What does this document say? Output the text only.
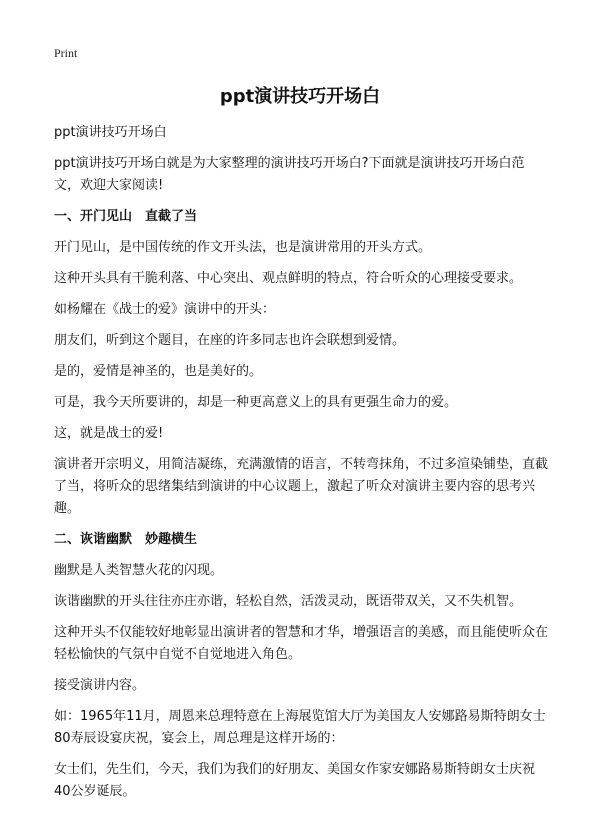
Print
ppt演讲技巧开场白

ppt演讲技巧开场白

ppt演讲技巧开场白就是为大家整理的演讲技巧开场白?下面就是演讲技巧开场白范文，欢迎大家阅读!

一、开门见山　直截了当

开门见山，是中国传统的作文开头法，也是演讲常用的开头方式。

这种开头具有干脆利落、中心突出、观点鲜明的特点，符合听众的心理接受要求。

如杨耀在《战士的爱》演讲中的开头：

朋友们，听到这个题目，在座的许多同志也许会联想到爱情。

是的，爱情是神圣的，也是美好的。

可是，我今天所要讲的，却是一种更高意义上的具有更强生命力的爱。

这，就是战士的爱!

演讲者开宗明义，用简洁凝练，充满激情的语言，不转弯抹角，不过多渲染铺垫，直截了当，将听众的思绪集结到演讲的中心议题上，激起了听众对演讲主要内容的思考兴趣。

二、诙谐幽默　妙趣横生

幽默是人类智慧火花的闪现。

诙谐幽默的开头往往亦庄亦谐，轻松自然，活泼灵动，既语带双关，又不失机智。

这种开头不仅能较好地彰显出演讲者的智慧和才华，增强语言的美感，而且能使听众在轻松愉快的气氛中自觉不自觉地进入角色。

接受演讲内容。

如：1965年11月，周恩来总理特意在上海展览馆大厅为美国友人安娜路易斯特朗女士80寿辰设宴庆祝，宴会上，周总理是这样开场的：

女士们，先生们，今天，我们为我们的好朋友、美国女作家安娜路易斯特朗女士庆祝40公岁诞辰。
